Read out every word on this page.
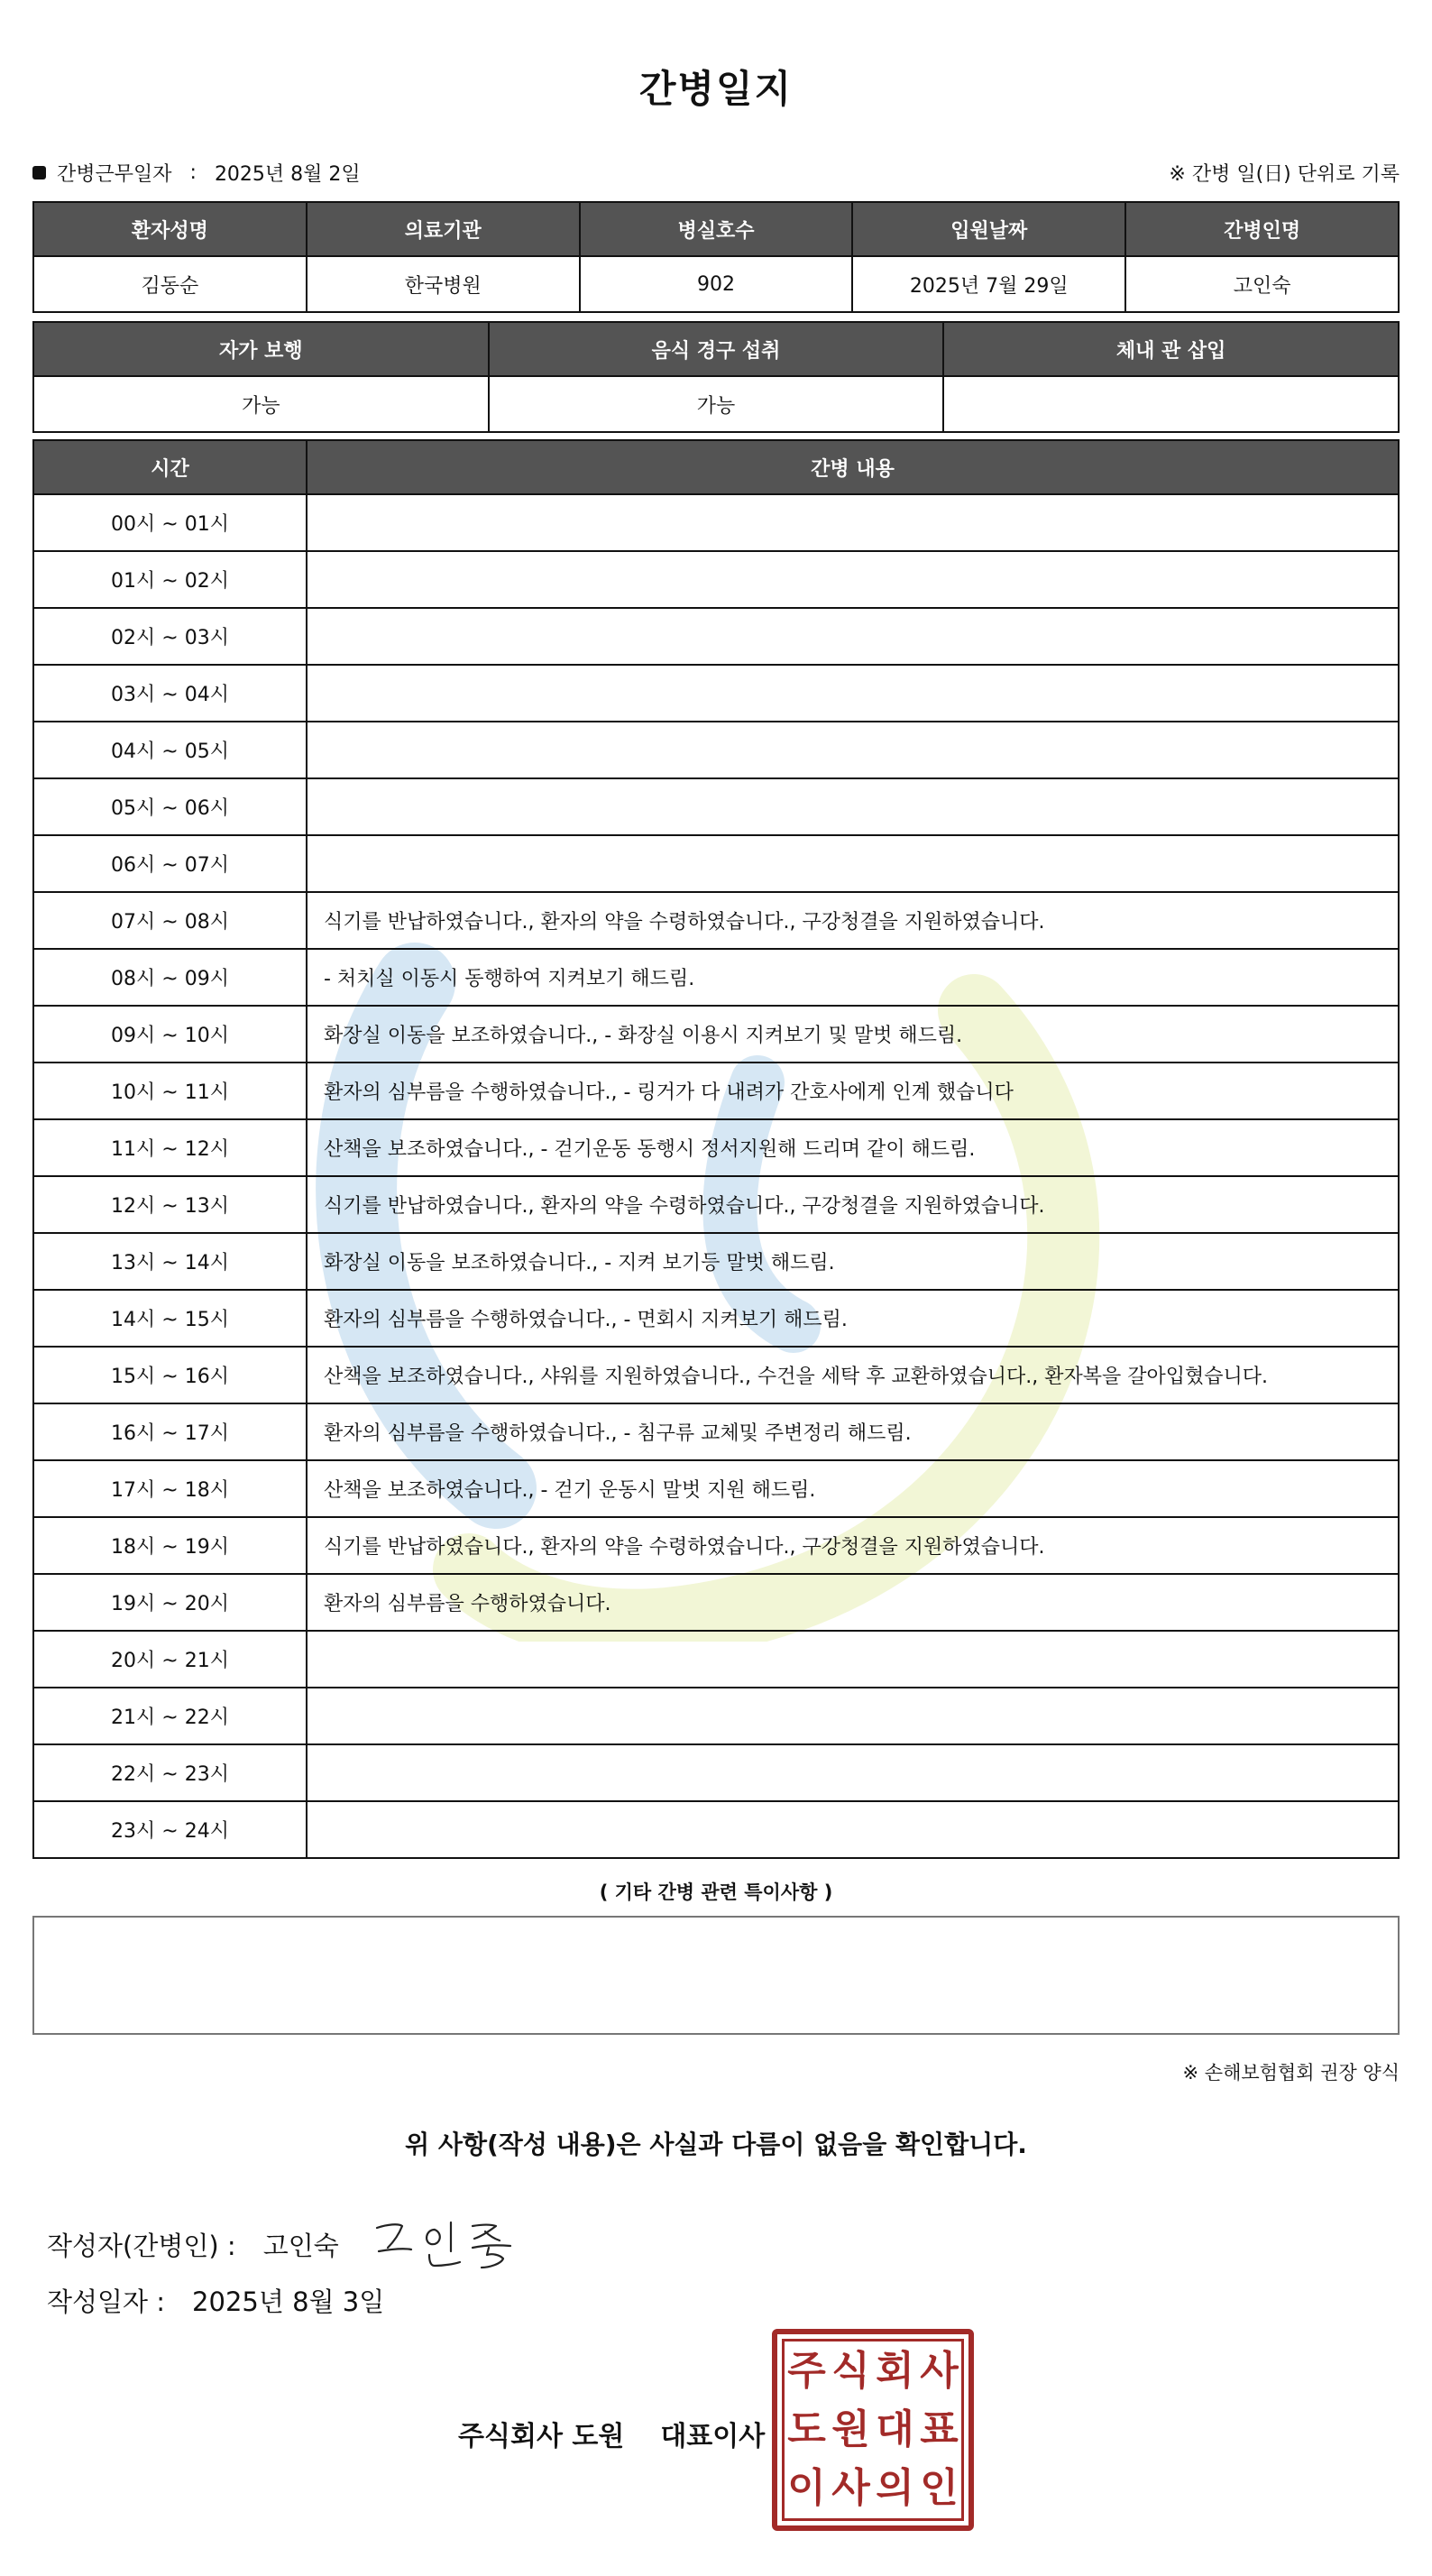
간병일지
간병근무일자 : 2025년 8월 2일	※ 간병 일(日) 단위로 기록
환자성명	의료기관	병실호수	입원날짜	간병인명
김동순	한국병원	902	2025년 7월 29일	고인숙
자가 보행	음식 경구 섭취	체내 관 삽입
가능	가능	
시간	간병 내용
00시 ~ 01시	
01시 ~ 02시	
02시 ~ 03시	
03시 ~ 04시	
04시 ~ 05시	
05시 ~ 06시	
06시 ~ 07시	
07시 ~ 08시	식기를 반납하였습니다., 환자의 약을 수령하였습니다., 구강청결을 지원하였습니다.
08시 ~ 09시	- 처치실 이동시 동행하여 지켜보기 해드림.
09시 ~ 10시	화장실 이동을 보조하였습니다., - 화장실 이용시 지켜보기 및 말벗 해드림.
10시 ~ 11시	환자의 심부름을 수행하였습니다., - 링거가 다 내려가 간호사에게 인계 했습니다
11시 ~ 12시	산책을 보조하였습니다., - 걷기운동 동행시 정서지원해 드리며 같이 해드림.
12시 ~ 13시	식기를 반납하였습니다., 환자의 약을 수령하였습니다., 구강청결을 지원하였습니다.
13시 ~ 14시	화장실 이동을 보조하였습니다., - 지켜 보기등 말벗 해드림.
14시 ~ 15시	환자의 심부름을 수행하였습니다., - 면회시 지켜보기 해드림.
15시 ~ 16시	산책을 보조하였습니다., 샤워를 지원하였습니다., 수건을 세탁 후 교환하였습니다., 환자복을 갈아입혔습니다.
16시 ~ 17시	환자의 심부름을 수행하였습니다., - 침구류 교체및 주변정리 해드림.
17시 ~ 18시	산책을 보조하였습니다., - 걷기 운동시 말벗 지원 해드림.
18시 ~ 19시	식기를 반납하였습니다., 환자의 약을 수령하였습니다., 구강청결을 지원하였습니다.
19시 ~ 20시	환자의 심부름을 수행하였습니다.
20시 ~ 21시	
21시 ~ 22시	
22시 ~ 23시	
23시 ~ 24시	
( 기타 간병 관련 특이사항 )
※ 손해보험협회 권장 양식
위 사항(작성 내용)은 사실과 다름이 없음을 확인합니다.
작성자(간병인) : 고인숙
작성일자 : 2025년 8월 3일
주식회사 도원 대표이사
주 식 회 사
도 원 대 표
이 사 의 인
